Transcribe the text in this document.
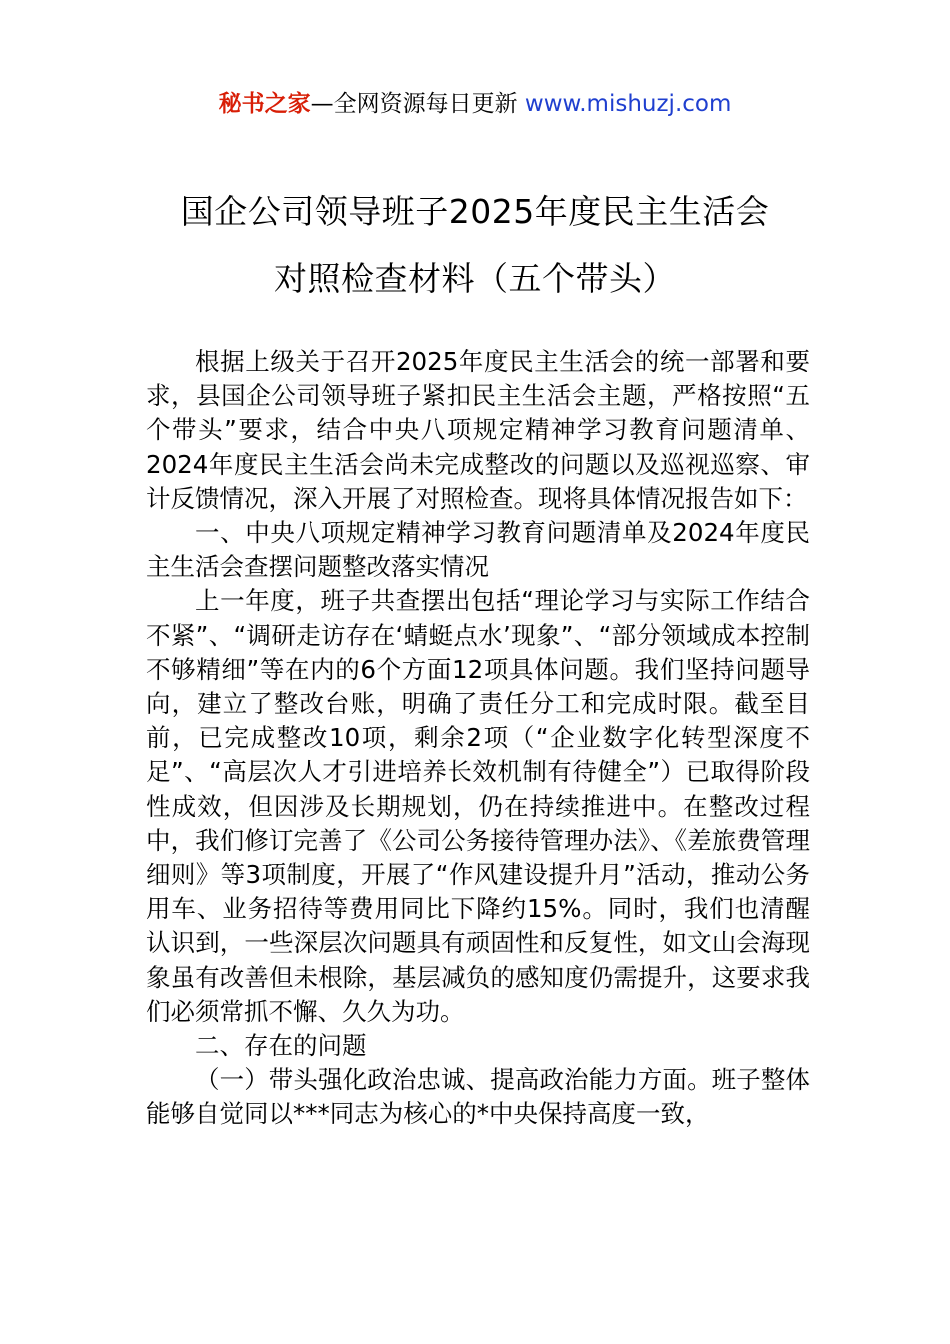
秘书之家—全网资源每日更新 www.mishuzj.com
国企公司领导班子2025年度民主生活会
对照检查材料（五个带头）

根据上级关于召开2025年度民主生活会的统一部署和要求，县国企公司领导班子紧扣民主生活会主题，严格按照“五个带头”要求，结合中央八项规定精神学习教育问题清单、2024年度民主生活会尚未完成整改的问题以及巡视巡察、审计反馈情况，深入开展了对照检查。现将具体情况报告如下：

一、中央八项规定精神学习教育问题清单及2024年度民主生活会查摆问题整改落实情况

上一年度，班子共查摆出包括“理论学习与实际工作结合不紧”、“调研走访存在‘蜻蜓点水’现象”、“部分领域成本控制不够精细”等在内的6个方面12项具体问题。我们坚持问题导向，建立了整改台账，明确了责任分工和完成时限。截至目前，已完成整改10项，剩余2项（“企业数字化转型深度不足”、“高层次人才引进培养长效机制有待健全”）已取得阶段性成效，但因涉及长期规划，仍在持续推进中。在整改过程中，我们修订完善了《公司公务接待管理办法》、《差旅费管理细则》等3项制度，开展了“作风建设提升月”活动，推动公务用车、业务招待等费用同比下降约15%。同时，我们也清醒认识到，一些深层次问题具有顽固性和反复性，如文山会海现象虽有改善但未根除，基层减负的感知度仍需提升，这要求我们必须常抓不懈、久久为功。

二、存在的问题

（一）带头强化政治忠诚、提高政治能力方面。班子整体能够自觉同以***同志为核心的*中央保持高度一致，
